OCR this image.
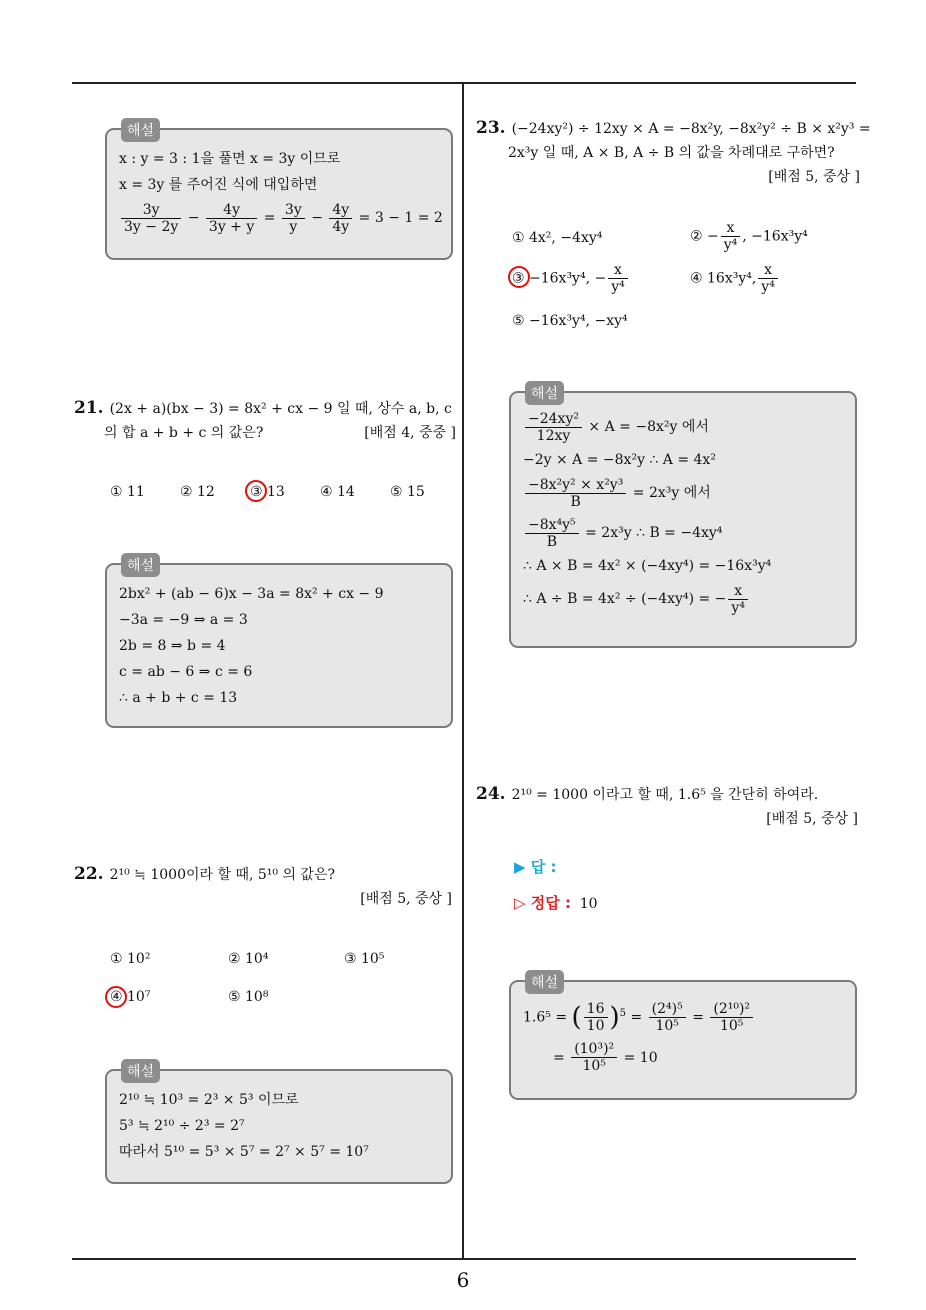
6
해설
x : y = 3 : 1을 풀면 x = 3y 이므로
x = 3y 를 주어진 식에 대입하면
$\frac{3y}{3y - 2y} - \frac{4y}{3y + y} = \frac{3y}{y} - \frac{4y}{4y} = 3 - 1 = 2$
21. (2x + a)(bx − 3) = 8x² + cx − 9 일 때, 상수 a, b, c
의 합 a + b + c 의 값은?	[배점 4, 중중 ]
① 11	② 12	③ 13	④ 14	⑤ 15
해설
2bx² + (ab − 6)x − 3a = 8x² + cx − 9
−3a = −9 ⇒ a = 3
2b = 8 ⇒ b = 4
c = ab − 6 ⇒ c = 6
∴ a + b + c = 13
22. 2¹⁰ ≒ 1000이라 할 때, 5¹⁰ 의 값은?
[배점 5, 중상 ]
① 10²	② 10⁴	③ 10⁵
④ 10⁷	⑤ 10⁸
해설
2¹⁰ ≒ 10³ = 2³ × 5³ 이므로
5³ ≒ 2¹⁰ ÷ 2³ = 2⁷
따라서 5¹⁰ = 5³ × 5⁷ = 2⁷ × 5⁷ = 10⁷
23. (−24xy²) ÷ 12xy × A = −8x²y, −8x²y² ÷ B × x²y³ =
2x³y 일 때, A × B, A ÷ B 의 값을 차례대로 구하면?
[배점 5, 중상 ]
① 4x², −4xy⁴	② − $\frac{x}{\text{y⁴}}$ , −16x³y⁴
③ −16x³y⁴, − $\frac{x}{\text{y⁴}}$	④ 16x³y⁴, $\frac{x}{\text{y⁴}}$
⑤ −16x³y⁴, −xy⁴
해설
$\frac{\text{−24xy²}}{12xy} \times A = -8x^2y$ 에서
−2y × A = −8x²y ∴ A = 4x²
$\frac{\text{−8x²y² × x²y³}}{B} = 2x^3y$ 에서
$\frac{\text{−8x⁴y⁵}}{B} = 2x^3y$ ∴ B = −4xy⁴
∴ A × B = 4x² × (−4xy⁴) = −16x³y⁴
∴ A ÷ B = 4x² ÷ (−4xy⁴) = − $\frac{x}{\text{y⁴}}$
24. 2¹⁰ = 1000 이라고 할 때, 1.6⁵ 을 간단히 하여라.
[배점 5, 중상 ]
▶ 답 :
▷ 정답 : 10
해설
1.6⁵ = ( $\frac{16}{10} )^5 = \frac{\text{(2⁴)⁵}}{\text{10⁵}} = \frac{\text{(2¹⁰)²}}{\text{10⁵}}$
= $\frac{\text{(10³)²}}{\text{10⁵}} = 10$
